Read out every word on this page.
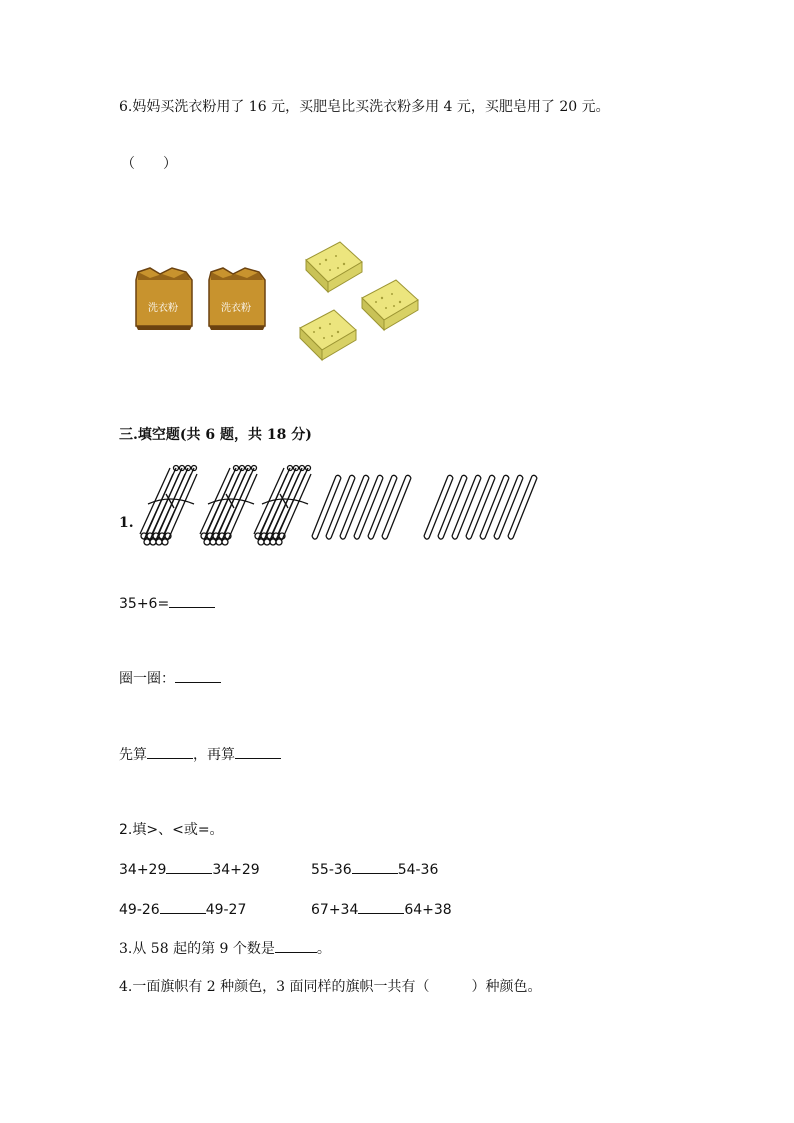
6.妈妈买洗衣粉用了 16 元，买肥皂比买洗衣粉多用 4 元，买肥皂用了 20 元。
（　　）
洗衣粉	洗衣粉
三.填空题(共 6 题，共 18 分)
1.
35+6=
圈一圈：
先算	，再算
2.填>、<或=。
34+29	34+29	55-36	54-36
49-26	49-27	67+34	64+38
3.从 58 起的第 9 个数是	。
4.一面旗帜有 2 种颜色，3 面同样的旗帜一共有（　　　）种颜色。
